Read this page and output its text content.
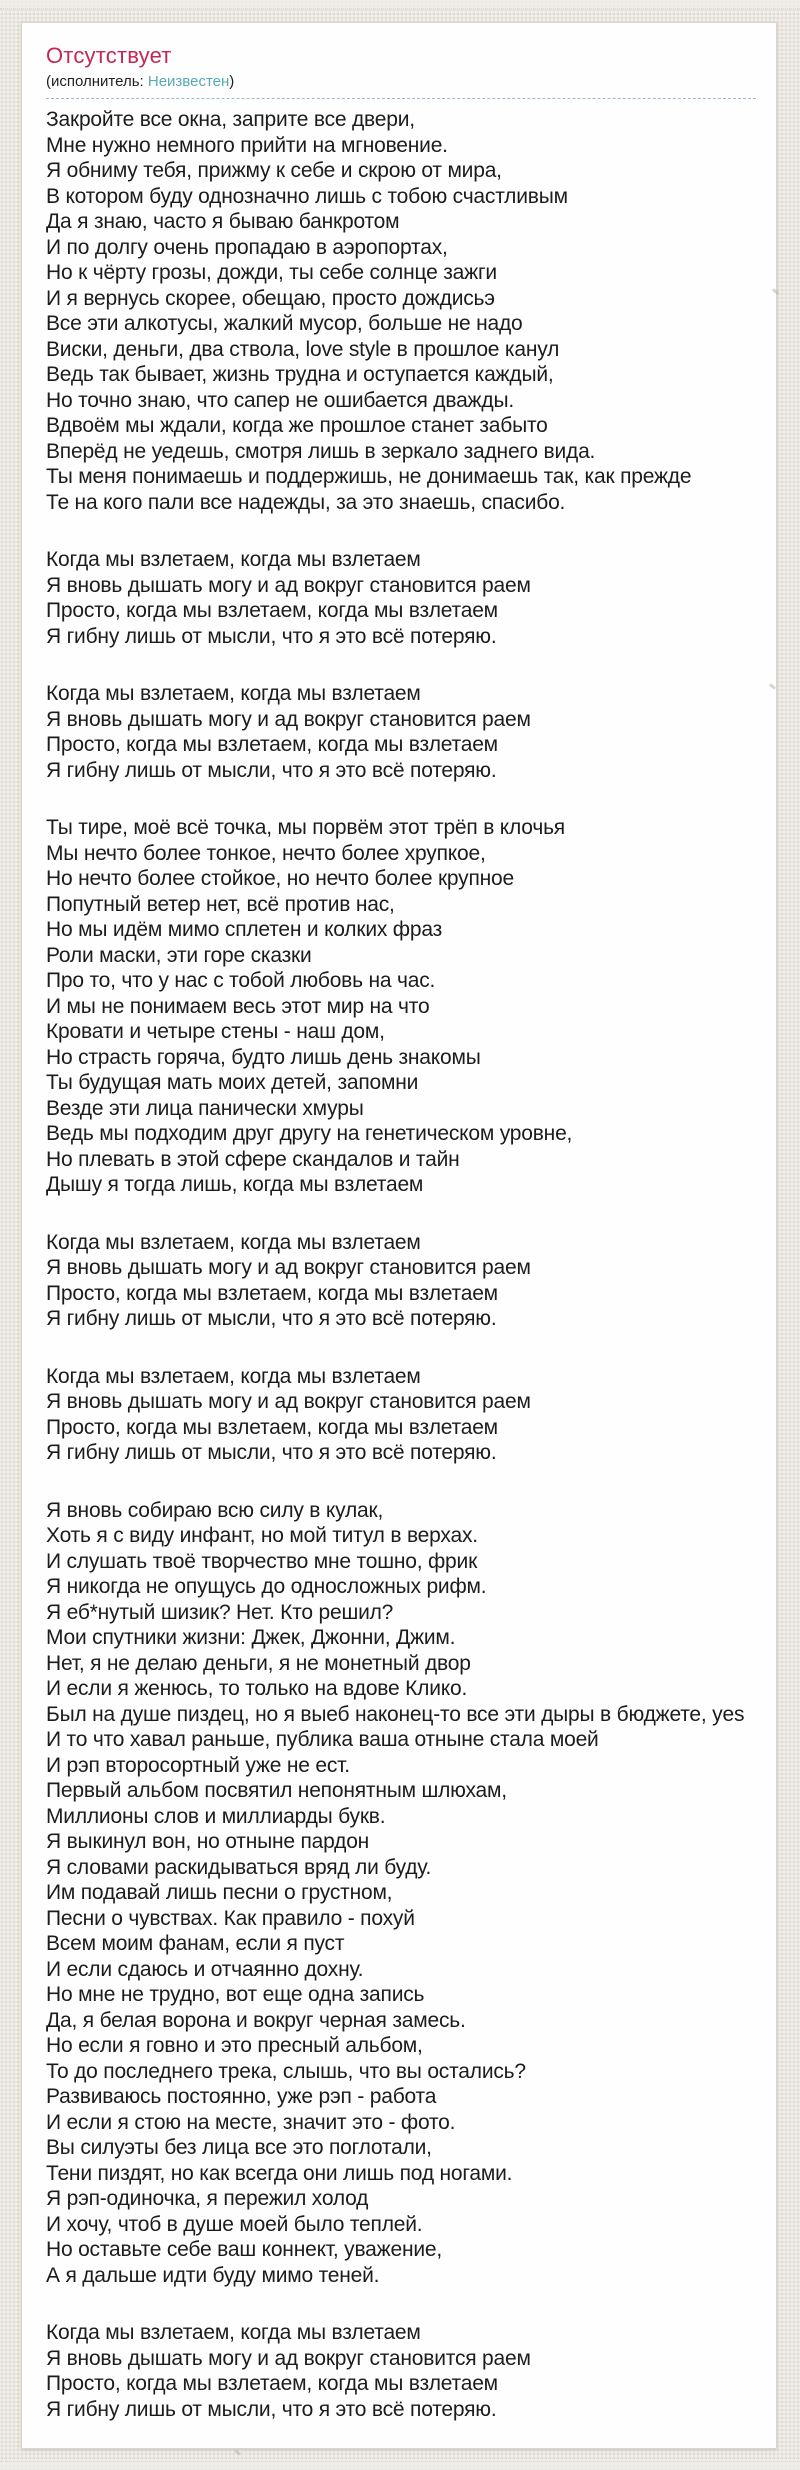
Отсутствует
(исполнитель: Неизвестен)

Закройте все окна, заприте все двери,
Мне нужно немного прийти на мгновение.
Я обниму тебя, прижму к себе и скрою от мира,
В котором буду однозначно лишь с тобою счастливым
Да я знаю, часто я бываю банкротом
И по долгу очень пропадаю в аэропортах,
Но к чёрту грозы, дожди, ты себе солнце зажги
И я вернусь скорее, обещаю, просто дождисьэ
Все эти алкотусы, жалкий мусор, больше не надо
Виски, деньги, два ствола, love style в прошлое канул
Ведь так бывает, жизнь трудна и оступается каждый,
Но точно знаю, что сапер не ошибается дважды.
Вдвоём мы ждали, когда же прошлое станет забыто
Вперёд не уедешь, смотря лишь в зеркало заднего вида.
Ты меня понимаешь и поддержишь, не донимаешь так, как прежде
Те на кого пали все надежды, за это знаешь, спасибо.

Когда мы взлетаем, когда мы взлетаем
Я вновь дышать могу и ад вокруг становится раем
Просто, когда мы взлетаем, когда мы взлетаем
Я гибну лишь от мысли, что я это всё потеряю.

Когда мы взлетаем, когда мы взлетаем
Я вновь дышать могу и ад вокруг становится раем
Просто, когда мы взлетаем, когда мы взлетаем
Я гибну лишь от мысли, что я это всё потеряю.

Ты тире, моё всё точка, мы порвём этот трёп в клочья
Мы нечто более тонкое, нечто более хрупкое,
Но нечто более стойкое, но нечто более крупное
Попутный ветер нет, всё против нас,
Но мы идём мимо сплетен и колких фраз
Роли маски, эти горе сказки
Про то, что у нас с тобой любовь на час.
И мы не понимаем весь этот мир на что
Кровати и четыре стены - наш дом,
Но страсть горяча, будто лишь день знакомы
Ты будущая мать моих детей, запомни
Везде эти лица панически хмуры
Ведь мы подходим друг другу на генетическом уровне,
Но плевать в этой сфере скандалов и тайн
Дышу я тогда лишь, когда мы взлетаем

Когда мы взлетаем, когда мы взлетаем
Я вновь дышать могу и ад вокруг становится раем
Просто, когда мы взлетаем, когда мы взлетаем
Я гибну лишь от мысли, что я это всё потеряю.

Когда мы взлетаем, когда мы взлетаем
Я вновь дышать могу и ад вокруг становится раем
Просто, когда мы взлетаем, когда мы взлетаем
Я гибну лишь от мысли, что я это всё потеряю.

Я вновь собираю всю силу в кулак,
Хоть я с виду инфант, но мой титул в верхах.
И слушать твоё творчество мне тошно, фрик
Я никогда не опущусь до односложных рифм.
Я еб*нутый шизик? Нет. Кто решил?
Мои спутники жизни: Джек, Джонни, Джим.
Нет, я не делаю деньги, я не монетный двор
И если я женюсь, то только на вдове Клико.
Был на душе пиздец, но я выеб наконец-то все эти дыры в бюджете, yes
И то что хавал раньше, публика ваша отныне стала моей
И рэп второсортный уже не ест.
Первый альбом посвятил непонятным шлюхам,
Миллионы слов и миллиарды букв.
Я выкинул вон, но отныне пардон
Я словами раскидываться вряд ли буду.
Им подавай лишь песни о грустном,
Песни о чувствах. Как правило - похуй
Всем моим фанам, если я пуст
И если сдаюсь и отчаянно дохну.
Но мне не трудно, вот еще одна запись
Да, я белая ворона и вокруг черная замесь.
Но если я говно и это пресный альбом,
То до последнего трека, слышь, что вы остались?
Развиваюсь постоянно, уже рэп - работа
И если я стою на месте, значит это - фото.
Вы силуэты без лица все это поглотали,
Тени пиздят, но как всегда они лишь под ногами.
Я рэп-одиночка, я пережил холод
И хочу, чтоб в душе моей было теплей.
Но оставьте себе ваш коннект, уважение,
А я дальше идти буду мимо теней.

Когда мы взлетаем, когда мы взлетаем
Я вновь дышать могу и ад вокруг становится раем
Просто, когда мы взлетаем, когда мы взлетаем
Я гибну лишь от мысли, что я это всё потеряю.
